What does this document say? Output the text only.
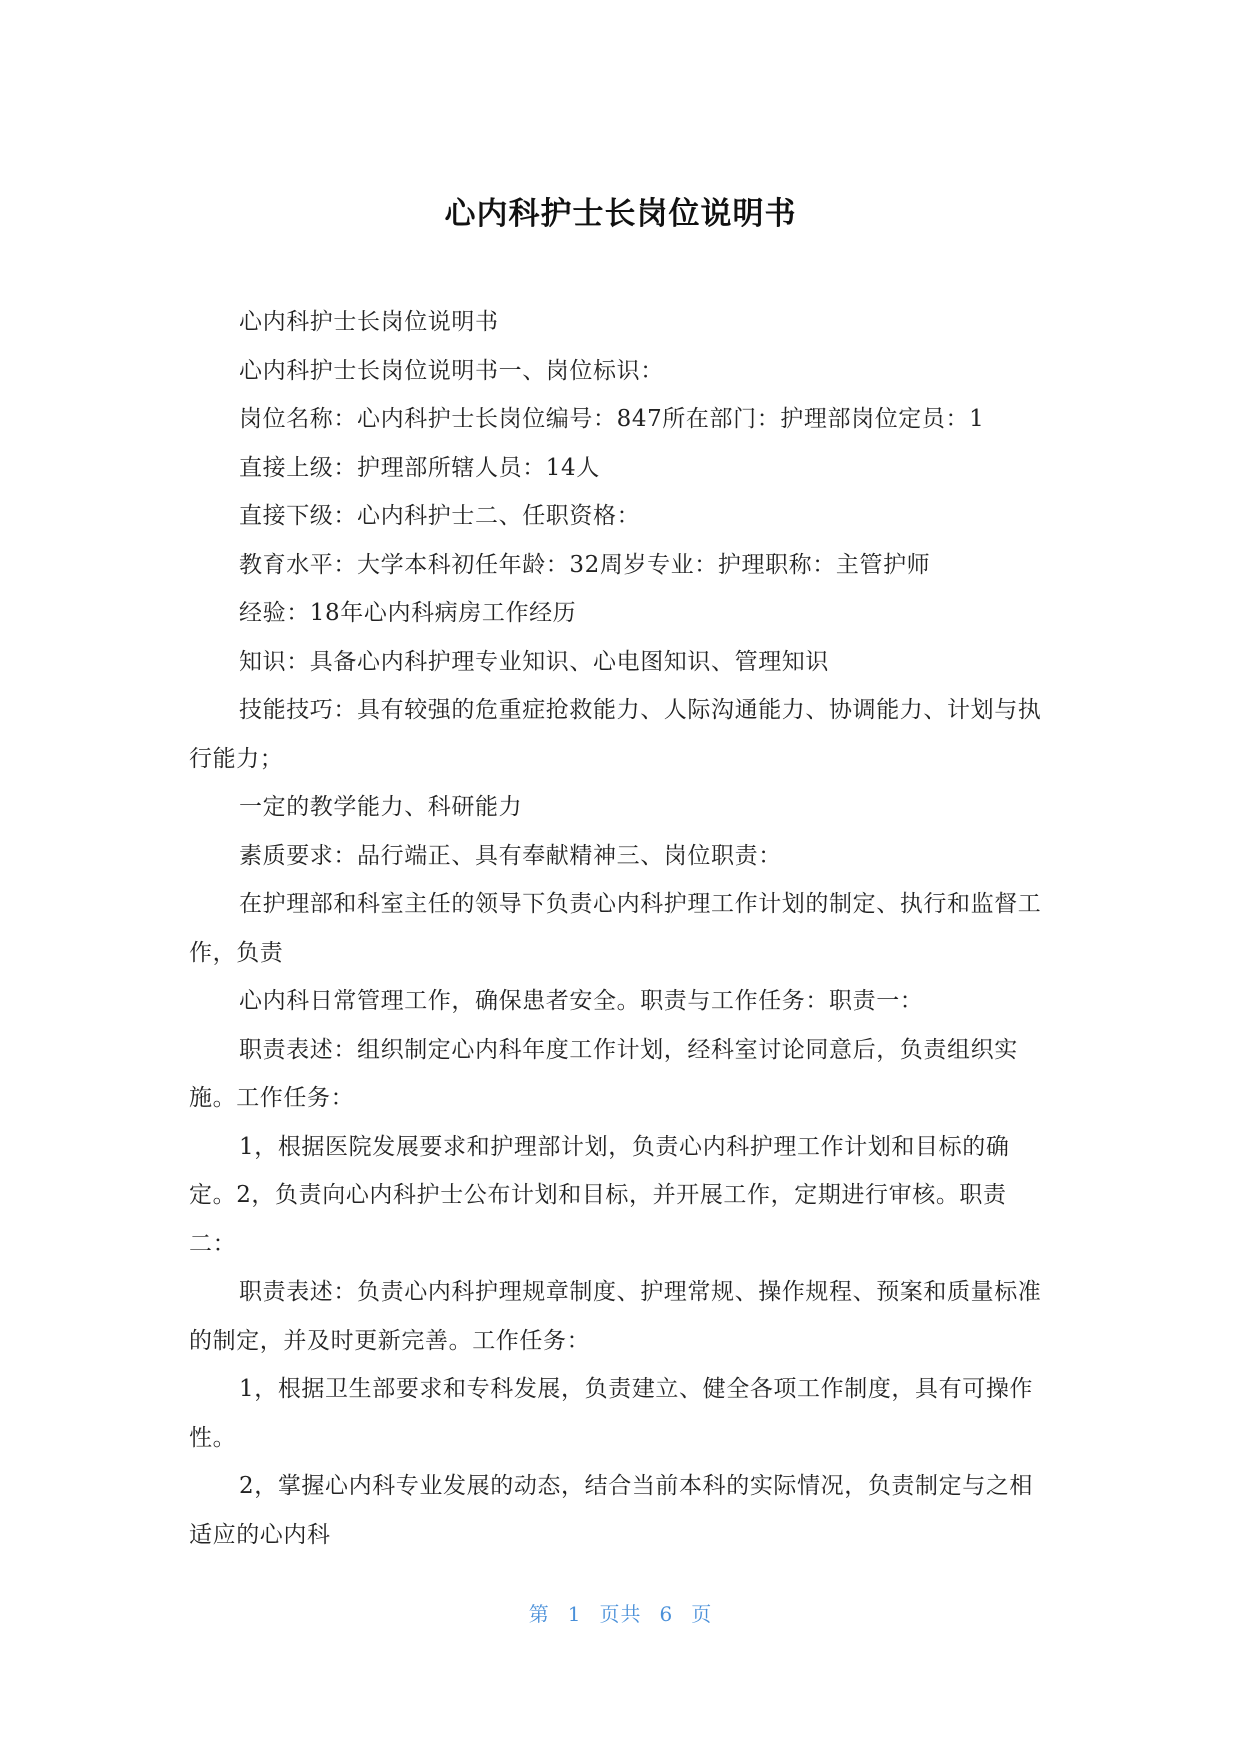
心内科护士长岗位说明书

心内科护士长岗位说明书

心内科护士长岗位说明书一、岗位标识：

岗位名称：心内科护士长岗位编号：847所在部门：护理部岗位定员：1

直接上级：护理部所辖人员：14人

直接下级：心内科护士二、任职资格：

教育水平：大学本科初任年龄：32周岁专业：护理职称：主管护师

经验：18年心内科病房工作经历

知识：具备心内科护理专业知识、心电图知识、管理知识

技能技巧：具有较强的危重症抢救能力、人际沟通能力、协调能力、计划与执行能力；

一定的教学能力、科研能力

素质要求：品行端正、具有奉献精神三、岗位职责：

在护理部和科室主任的领导下负责心内科护理工作计划的制定、执行和监督工作，负责

心内科日常管理工作，确保患者安全。职责与工作任务：职责一：

职责表述：组织制定心内科年度工作计划，经科室讨论同意后，负责组织实施。工作任务：

1，根据医院发展要求和护理部计划，负责心内科护理工作计划和目标的确定。2，负责向心内科护士公布计划和目标，并开展工作，定期进行审核。职责二：

职责表述：负责心内科护理规章制度、护理常规、操作规程、预案和质量标准的制定，并及时更新完善。工作任务：

1，根据卫生部要求和专科发展，负责建立、健全各项工作制度，具有可操作性。

2，掌握心内科专业发展的动态，结合当前本科的实际情况，负责制定与之相适应的心内科

第 1 页共 6 页
